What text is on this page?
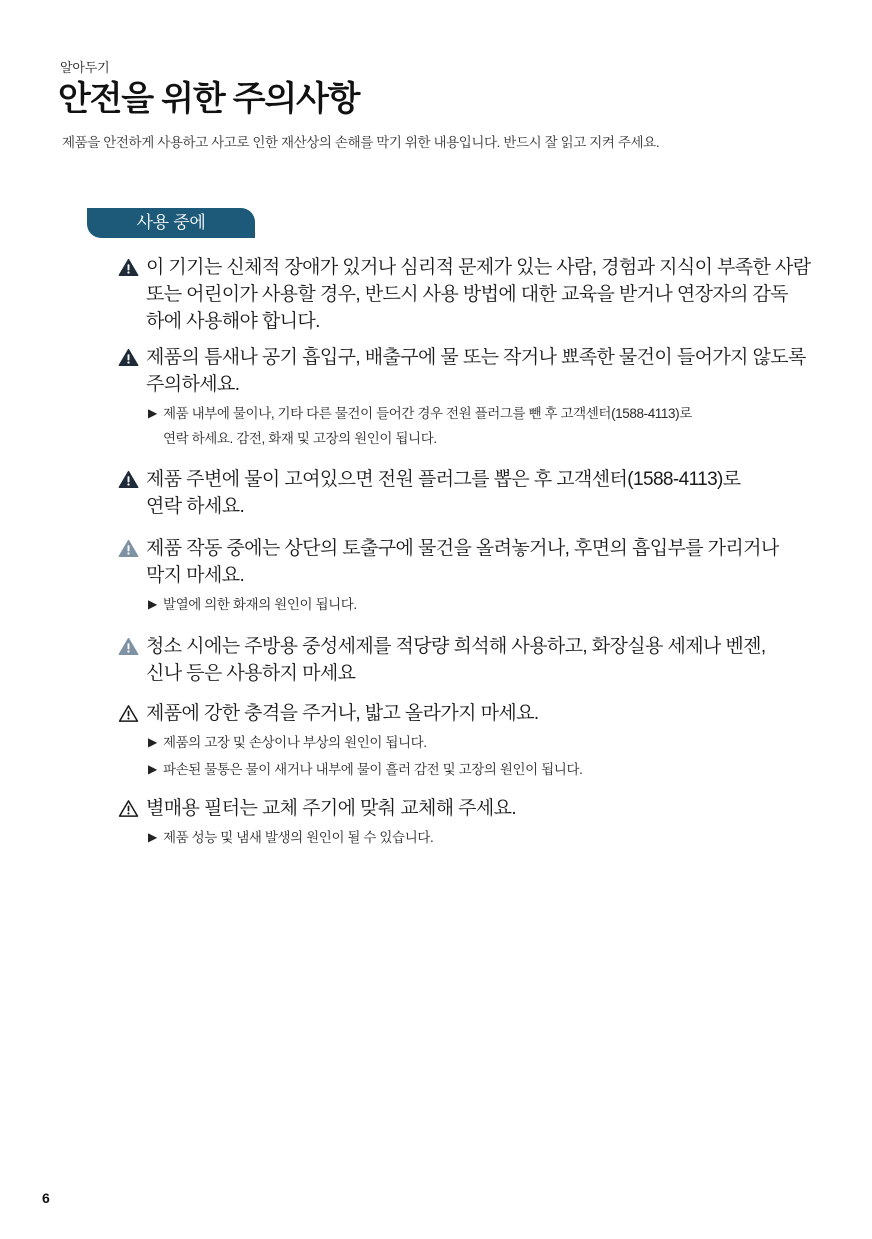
알아두기
안전을 위한 주의사항
제품을 안전하게 사용하고 사고로 인한 재산상의 손해를 막기 위한 내용입니다. 반드시 잘 읽고 지켜 주세요.
사용 중에
이 기기는 신체적 장애가 있거나 심리적 문제가 있는 사람, 경험과 지식이 부족한 사람
또는 어린이가 사용할 경우, 반드시 사용 방법에 대한 교육을 받거나 연장자의 감독
하에 사용해야 합니다.
제품의 틈새나 공기 흡입구, 배출구에 물 또는 작거나 뾰족한 물건이 들어가지 않도록
주의하세요.
▶ 제품 내부에 물이나, 기타 다른 물건이 들어간 경우 전원 플러그를 뺀 후 고객센터(1588-4113)로
연락 하세요. 감전, 화재 및 고장의 원인이 됩니다.
제품 주변에 물이 고여있으면 전원 플러그를 뽑은 후 고객센터(1588-4113)로
연락 하세요.
제품 작동 중에는 상단의 토출구에 물건을 올려놓거나, 후면의 흡입부를 가리거나
막지 마세요.
▶ 발열에 의한 화재의 원인이 됩니다.
청소 시에는 주방용 중성세제를 적당량 희석해 사용하고, 화장실용 세제나 벤젠,
신나 등은 사용하지 마세요
제품에 강한 충격을 주거나, 밟고 올라가지 마세요.
▶ 제품의 고장 및 손상이나 부상의 원인이 됩니다.
▶ 파손된 물통은 물이 새거나 내부에 물이 흘러 감전 및 고장의 원인이 됩니다.
별매용 필터는 교체 주기에 맞춰 교체해 주세요.
▶ 제품 성능 및 냄새 발생의 원인이 될 수 있습니다.
6
